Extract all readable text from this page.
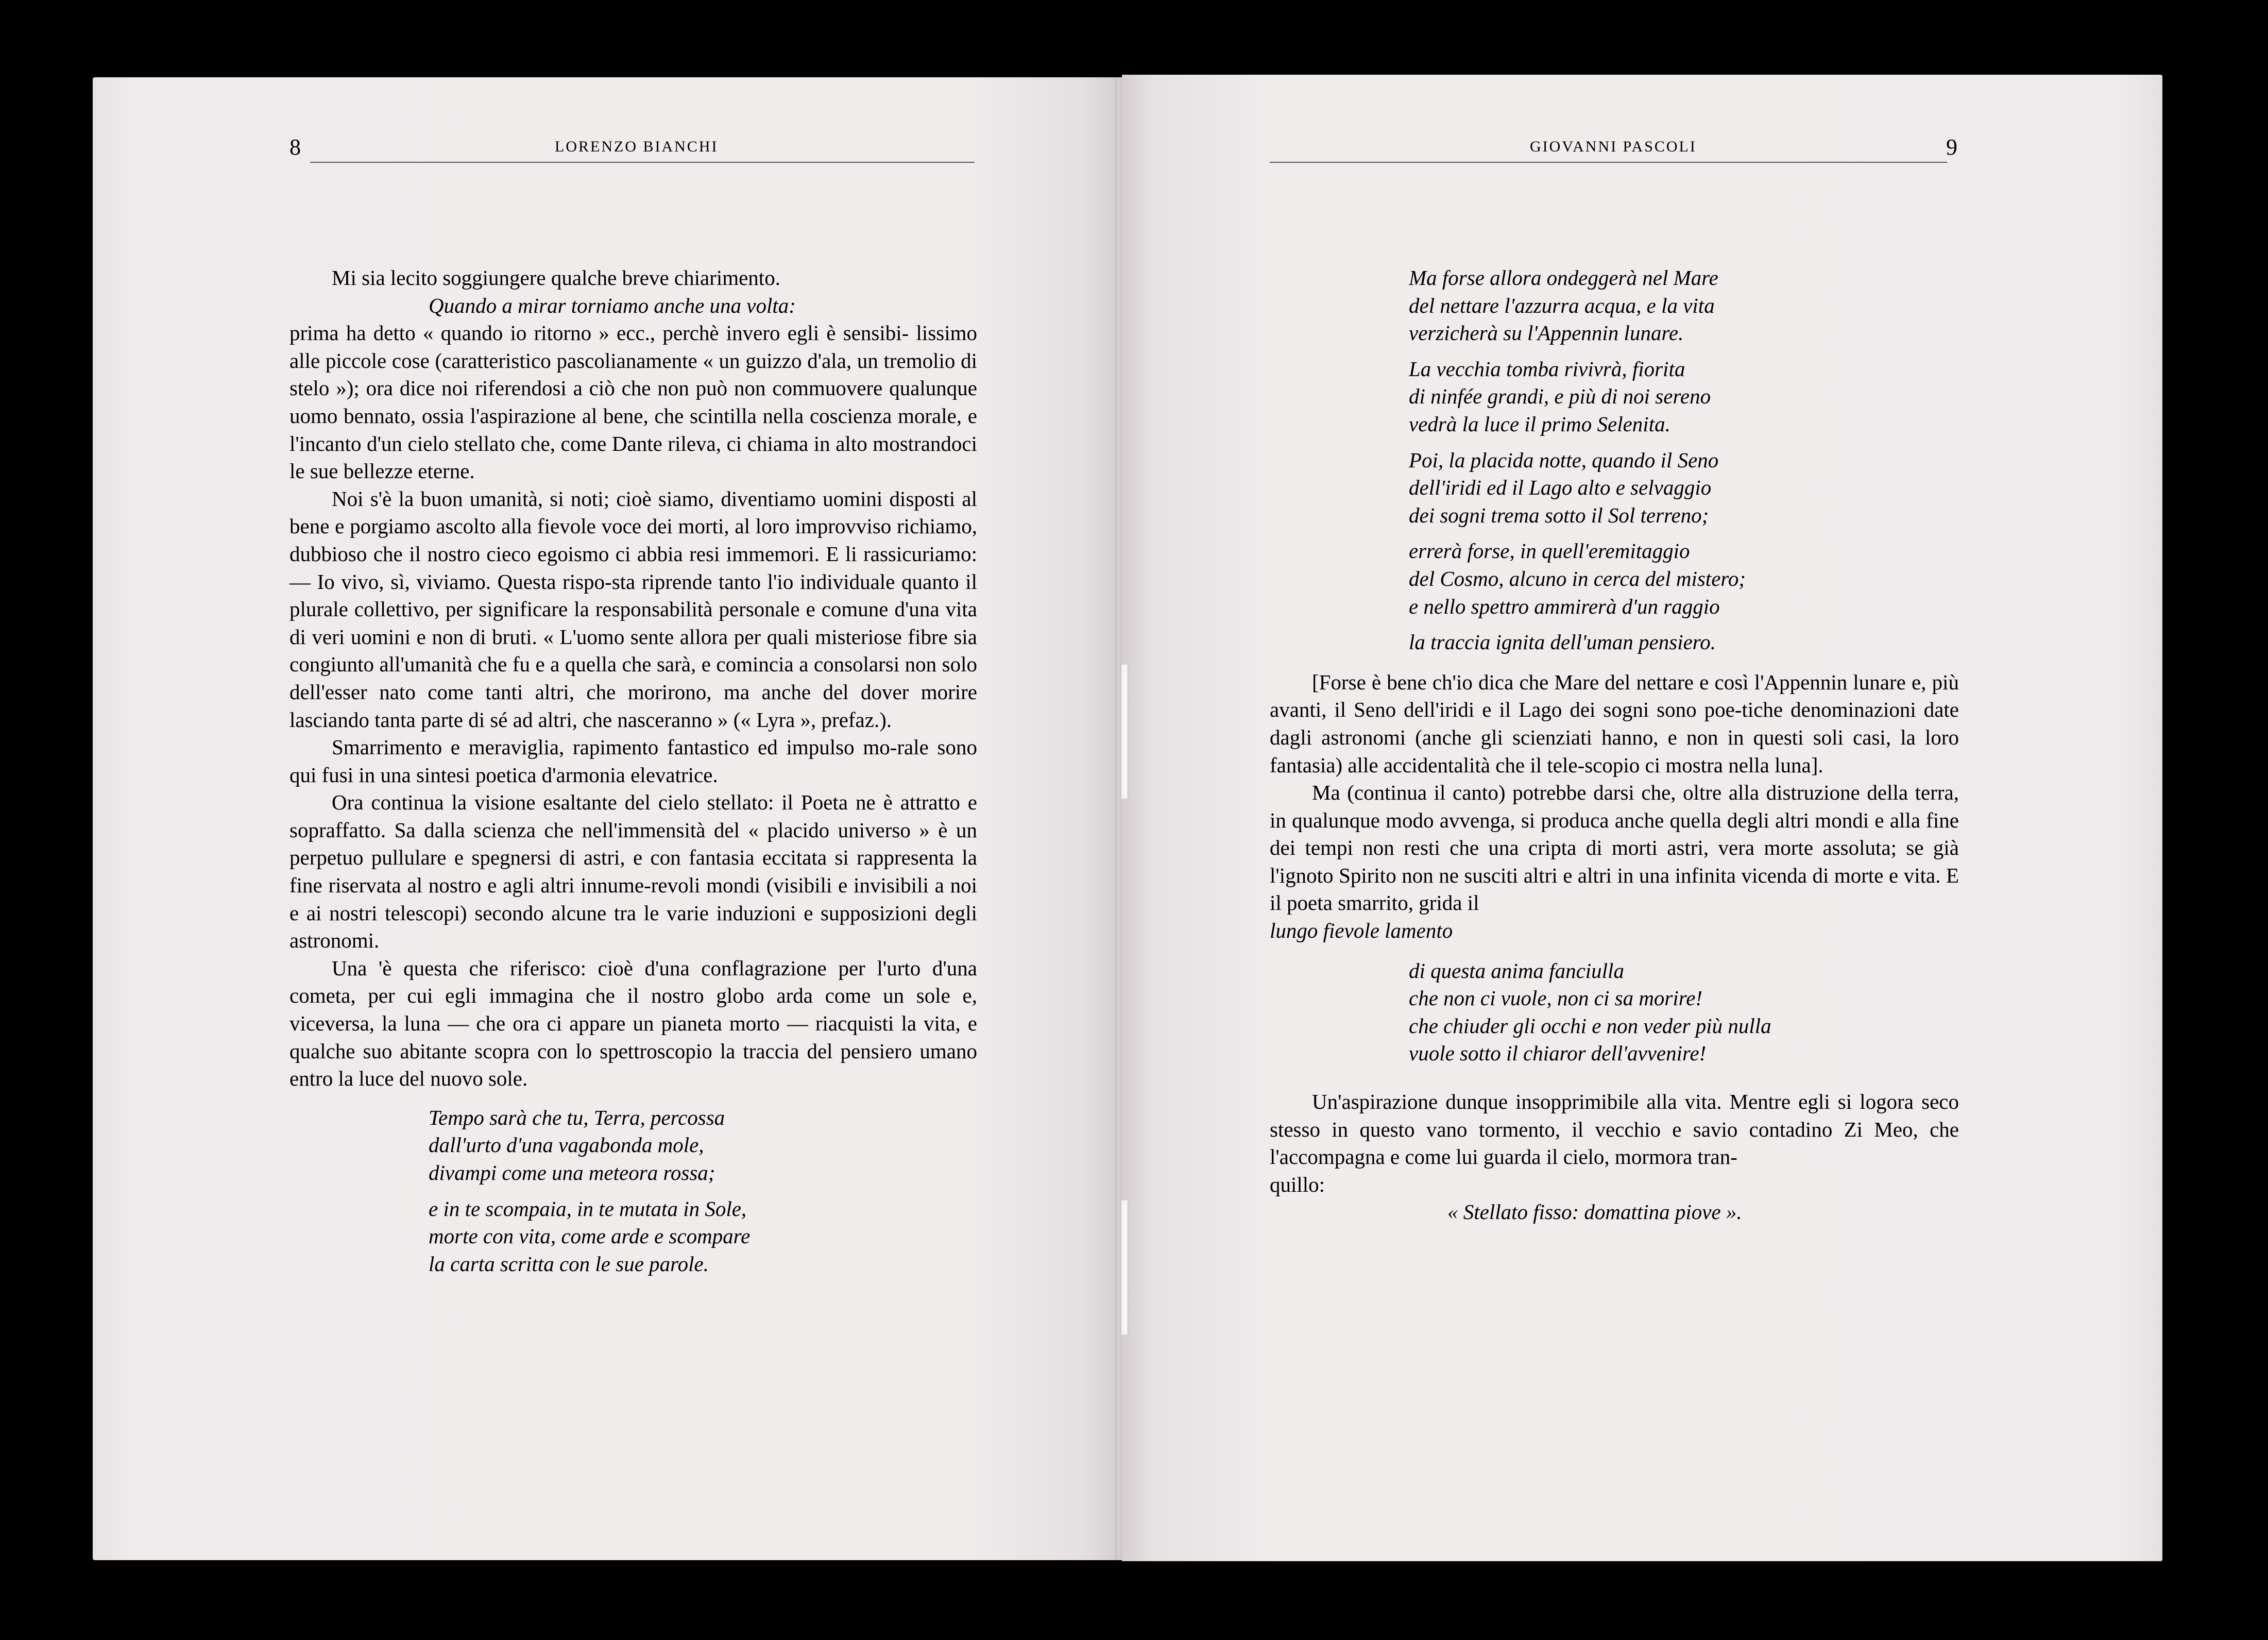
8	LORENZO BIANCHI

Mi sia lecito soggiungere qualche breve chiarimento.

Quando a mirar torniamo anche una volta:

prima ha detto « quando io ritorno » ecc., perchè invero egli è sensibi- lissimo alle piccole cose (caratteristico pascolianamente « un guizzo d'ala, un tremolio di stelo »); ora dice noi riferendosi a ciò che non può non commuovere qualunque uomo bennato, ossia l'aspirazione al bene, che scintilla nella coscienza morale, e l'incanto d'un cielo stellato che, come Dante rileva, ci chiama in alto mostrandoci le sue bellezze eterne.

Noi s'è la buon umanità, si noti; cioè siamo, diventiamo uomini disposti al bene e porgiamo ascolto alla fievole voce dei morti, al loro improvviso richiamo, dubbioso che il nostro cieco egoismo ci abbia resi immemori. E li rassicuriamo: — Io vivo, sì, viviamo. Questa rispo-sta riprende tanto l'io individuale quanto il plurale collettivo, per significare la responsabilità personale e comune d'una vita di veri uomini e non di bruti. « L'uomo sente allora per quali misteriose fibre sia congiunto all'umanità che fu e a quella che sarà, e comincia a consolarsi non solo dell'esser nato come tanti altri, che morirono, ma anche del dover morire lasciando tanta parte di sé ad altri, che nasceranno » (« Lyra », prefaz.).

Smarrimento e meraviglia, rapimento fantastico ed impulso mo-rale sono qui fusi in una sintesi poetica d'armonia elevatrice.

Ora continua la visione esaltante del cielo stellato: il Poeta ne è attratto e sopraffatto. Sa dalla scienza che nell'immensità del « placido universo » è un perpetuo pullulare e spegnersi di astri, e con fantasia eccitata si rappresenta la fine riservata al nostro e agli altri innume-revoli mondi (visibili e invisibili a noi e ai nostri telescopi) secondo alcune tra le varie induzioni e supposizioni degli astronomi.

Una 'è questa che riferisco: cioè d'una conflagrazione per l'urto d'una cometa, per cui egli immagina che il nostro globo arda come un sole e, viceversa, la luna — che ora ci appare un pianeta morto — riacquisti la vita, e qualche suo abitante scopra con lo spettroscopio la traccia del pensiero umano entro la luce del nuovo sole.

Tempo sarà che tu, Terra, percossa
dall'urto d'una vagabonda mole,
divampi come una meteora rossa;

e in te scompaia, in te mutata in Sole,
morte con vita, come arde e scompare
la carta scritta con le sue parole.

GIOVANNI PASCOLI	9

Ma forse allora ondeggerà nel Mare
del nettare l'azzurra acqua, e la vita
verzicherà su l'Appennin lunare.

La vecchia tomba rivivrà, fiorita
di ninfée grandi, e più di noi sereno
vedrà la luce il primo Selenita.

Poi, la placida notte, quando il Seno
dell'iridi ed il Lago alto e selvaggio
dei sogni trema sotto il Sol terreno;

errerà forse, in quell'eremitaggio
del Cosmo, alcuno in cerca del mistero;
e nello spettro ammirerà d'un raggio

la traccia ignita dell'uman pensiero.

[Forse è bene ch'io dica che Mare del nettare e così l'Appennin lunare e, più avanti, il Seno dell'iridi e il Lago dei sogni sono poe-tiche denominazioni date dagli astronomi (anche gli scienziati hanno, e non in questi soli casi, la loro fantasia) alle accidentalità che il tele-scopio ci mostra nella luna].

Ma (continua il canto) potrebbe darsi che, oltre alla distruzione della terra, in qualunque modo avvenga, si produca anche quella degli altri mondi e alla fine dei tempi non resti che una cripta di morti astri, vera morte assoluta; se già l'ignoto Spirito non ne susciti altri e altri in una infinita vicenda di morte e vita. E il poeta smarrito, grida il

lungo fievole lamento

di questa anima fanciulla
che non ci vuole, non ci sa morire!
che chiuder gli occhi e non veder più nulla
vuole sotto il chiaror dell'avvenire!

Un'aspirazione dunque insopprimibile alla vita. Mentre egli si logora seco stesso in questo vano tormento, il vecchio e savio contadino Zi Meo, che l'accompagna e come lui guarda il cielo, mormora tran-

quillo:

« Stellato fisso: domattina piove ».
